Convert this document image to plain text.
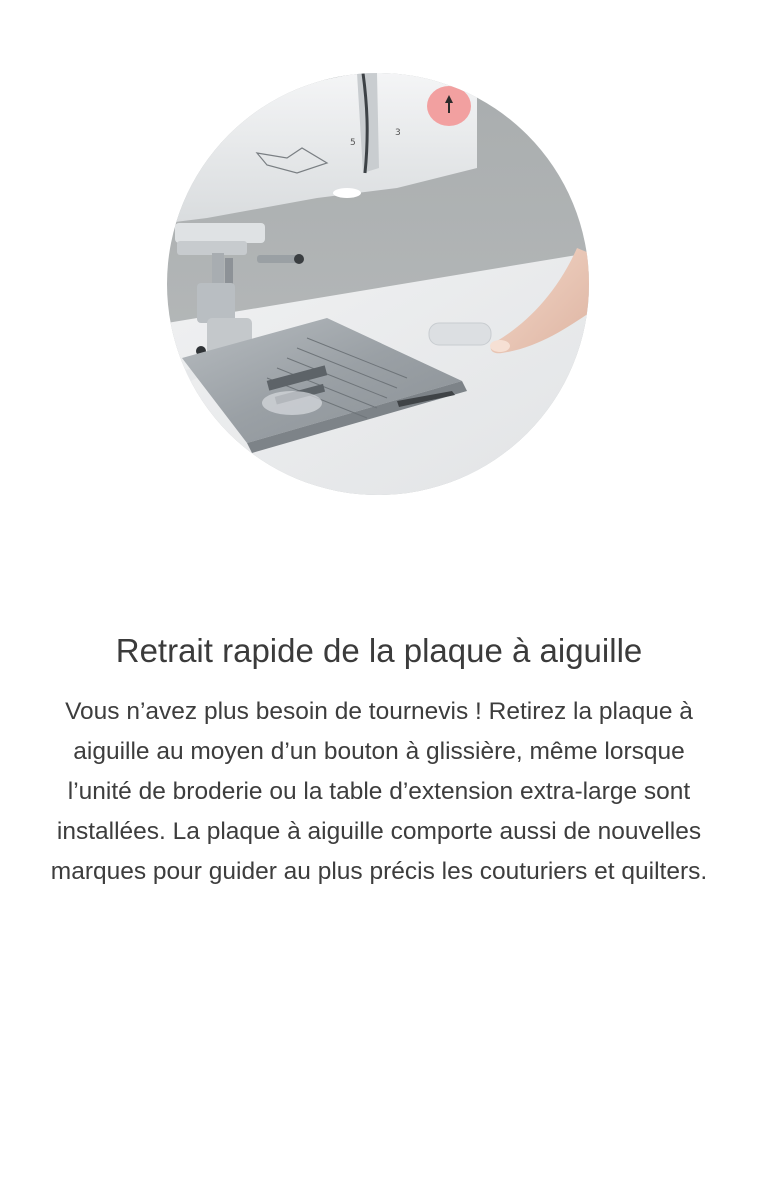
5
3
Retrait rapide de la plaque à aiguille

Vous n’avez plus besoin de tournevis ! Retirez la plaque à aiguille au moyen d’un bouton à glissière, même lorsque l’unité de broderie ou la table d’extension extra-large sont installées. La plaque à aiguille comporte aussi de nouvelles marques pour guider au plus précis les couturiers et quilters.
